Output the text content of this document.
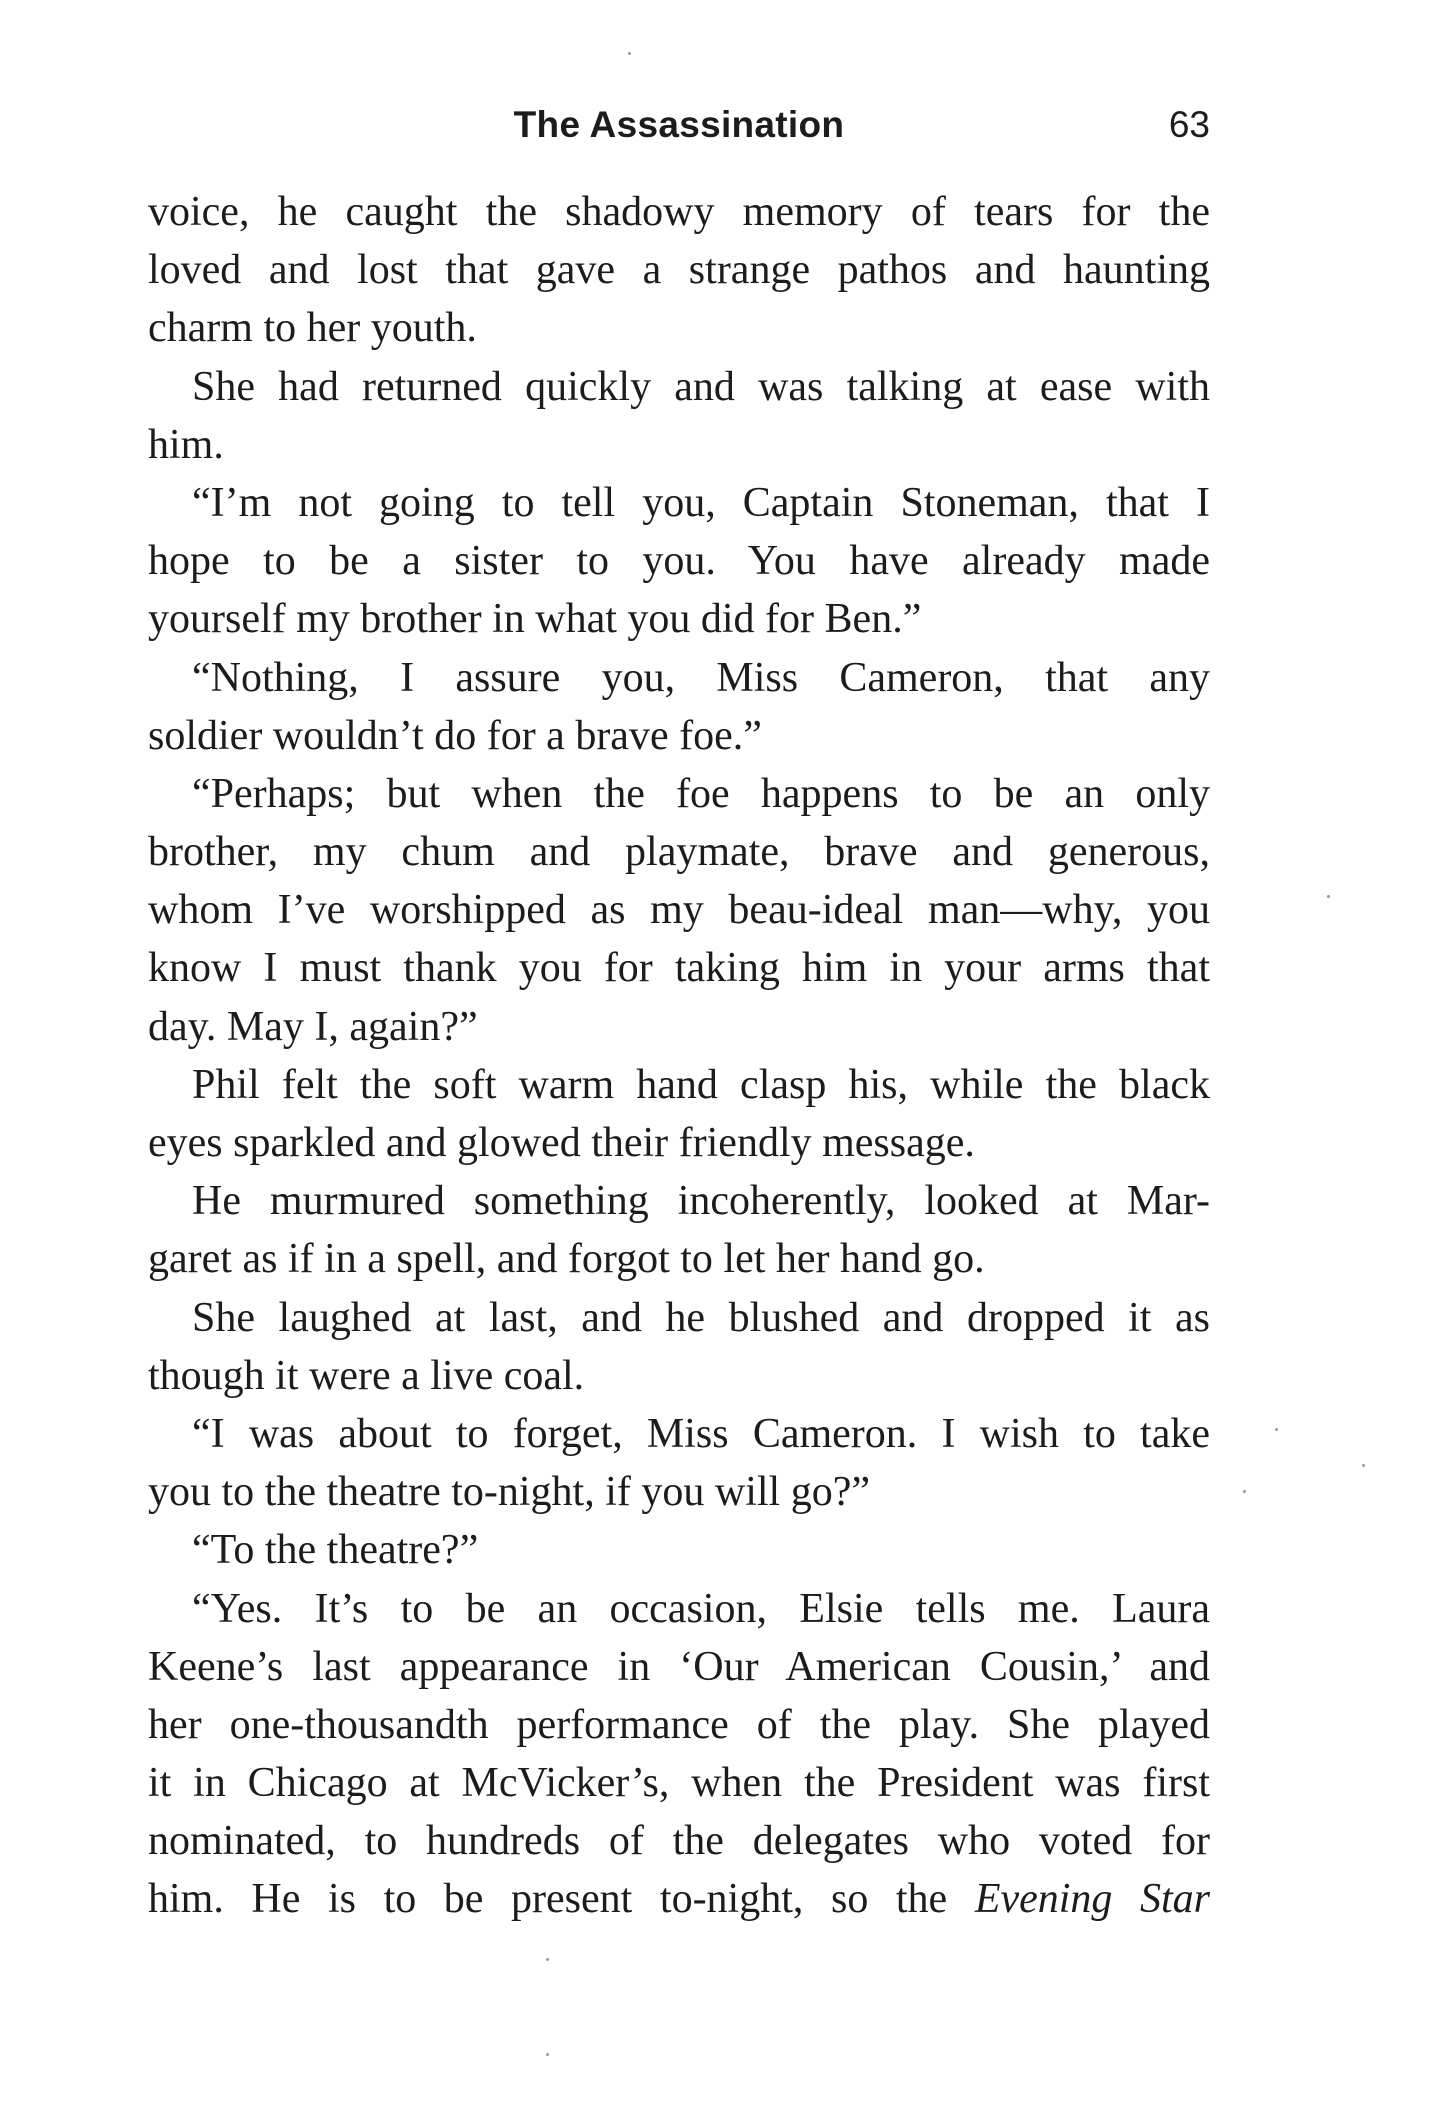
The Assassination	63
voice, he caught the shadowy memory of tears for the
loved and lost that gave a strange pathos and haunting
charm to her youth.
She had returned quickly and was talking at ease with
him.
“I’m not going to tell you, Captain Stoneman, that I
hope to be a sister to you. You have already made
yourself my brother in what you did for Ben.”
“Nothing, I assure you, Miss Cameron, that any
soldier wouldn’t do for a brave foe.”
“Perhaps; but when the foe happens to be an only
brother, my chum and playmate, brave and generous,
whom I’ve worshipped as my beau-ideal man—why, you
know I must thank you for taking him in your arms that
day. May I, again?”
Phil felt the soft warm hand clasp his, while the black
eyes sparkled and glowed their friendly message.
He murmured something incoherently, looked at Mar-
garet as if in a spell, and forgot to let her hand go.
She laughed at last, and he blushed and dropped it as
though it were a live coal.
“I was about to forget, Miss Cameron. I wish to take
you to the theatre to-night, if you will go?”
“To the theatre?”
“Yes. It’s to be an occasion, Elsie tells me. Laura
Keene’s last appearance in ‘Our American Cousin,’ and
her one-thousandth performance of the play. She played
it in Chicago at McVicker’s, when the President was first
nominated, to hundreds of the delegates who voted for
him. He is to be present to-night, so the Evening Star
